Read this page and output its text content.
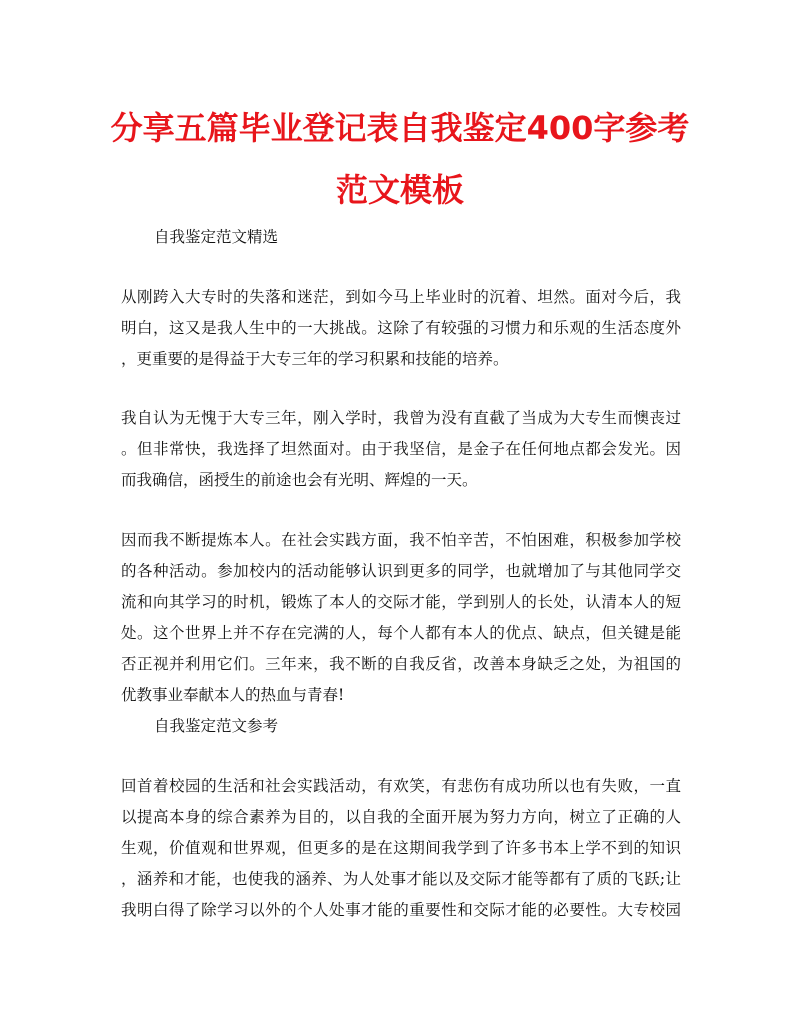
分享五篇毕业登记表自我鉴定400字参考
范文模板
自我鉴定范文精选
从刚跨入大专时的失落和迷茫，到如今马上毕业时的沉着、坦然。面对今后，我
明白，这又是我人生中的一大挑战。这除了有较强的习惯力和乐观的生活态度外
，更重要的是得益于大专三年的学习积累和技能的培养。
我自认为无愧于大专三年，刚入学时，我曾为没有直截了当成为大专生而懊丧过
。但非常快，我选择了坦然面对。由于我坚信，是金子在任何地点都会发光。因
而我确信，函授生的前途也会有光明、辉煌的一天。
因而我不断提炼本人。在社会实践方面，我不怕辛苦，不怕困难，积极参加学校
的各种活动。参加校内的活动能够认识到更多的同学，也就增加了与其他同学交
流和向其学习的时机，锻炼了本人的交际才能，学到别人的长处，认清本人的短
处。这个世界上并不存在完满的人，每个人都有本人的优点、缺点，但关键是能
否正视并利用它们。三年来，我不断的自我反省，改善本身缺乏之处，为祖国的
优教事业奉献本人的热血与青春!
自我鉴定范文参考
回首着校园的生活和社会实践活动，有欢笑，有悲伤有成功所以也有失败，一直
以提高本身的综合素养为目的，以自我的全面开展为努力方向，树立了正确的人
生观，价值观和世界观，但更多的是在这期间我学到了许多书本上学不到的知识
，涵养和才能，也使我的涵养、为人处事才能以及交际才能等都有了质的飞跃;让
我明白得了除学习以外的个人处事才能的重要性和交际才能的必要性。大专校园
